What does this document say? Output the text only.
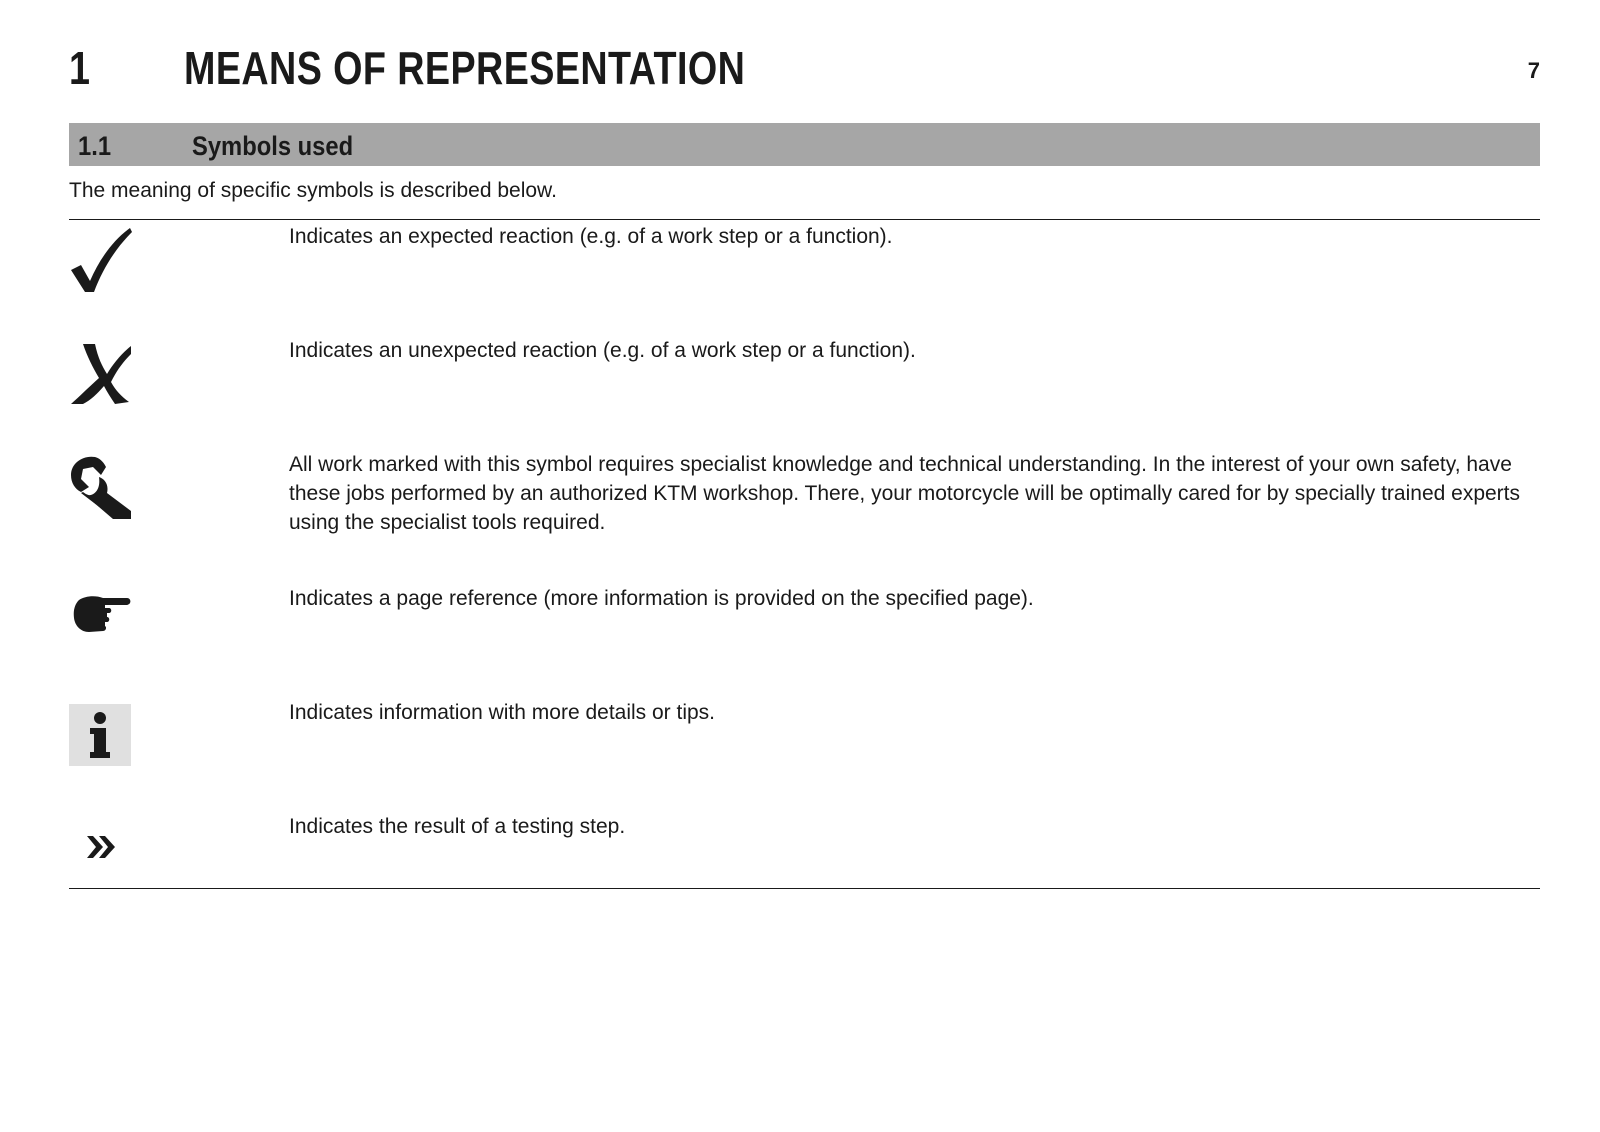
1 MEANS OF REPRESENTATION	7
1.1	Symbols used
The meaning of specific symbols is described below.
Indicates an expected reaction (e.g. of a work step or a function).
Indicates an unexpected reaction (e.g. of a work step or a function).
All work marked with this symbol requires specialist knowledge and technical understanding. In the interest of your own safety, have these jobs performed by an authorized KTM workshop. There, your motorcycle will be optimally cared for by specially trained experts using the specialist tools required.
Indicates a page reference (more information is provided on the specified page).
Indicates information with more details or tips.
Indicates the result of a testing step.
